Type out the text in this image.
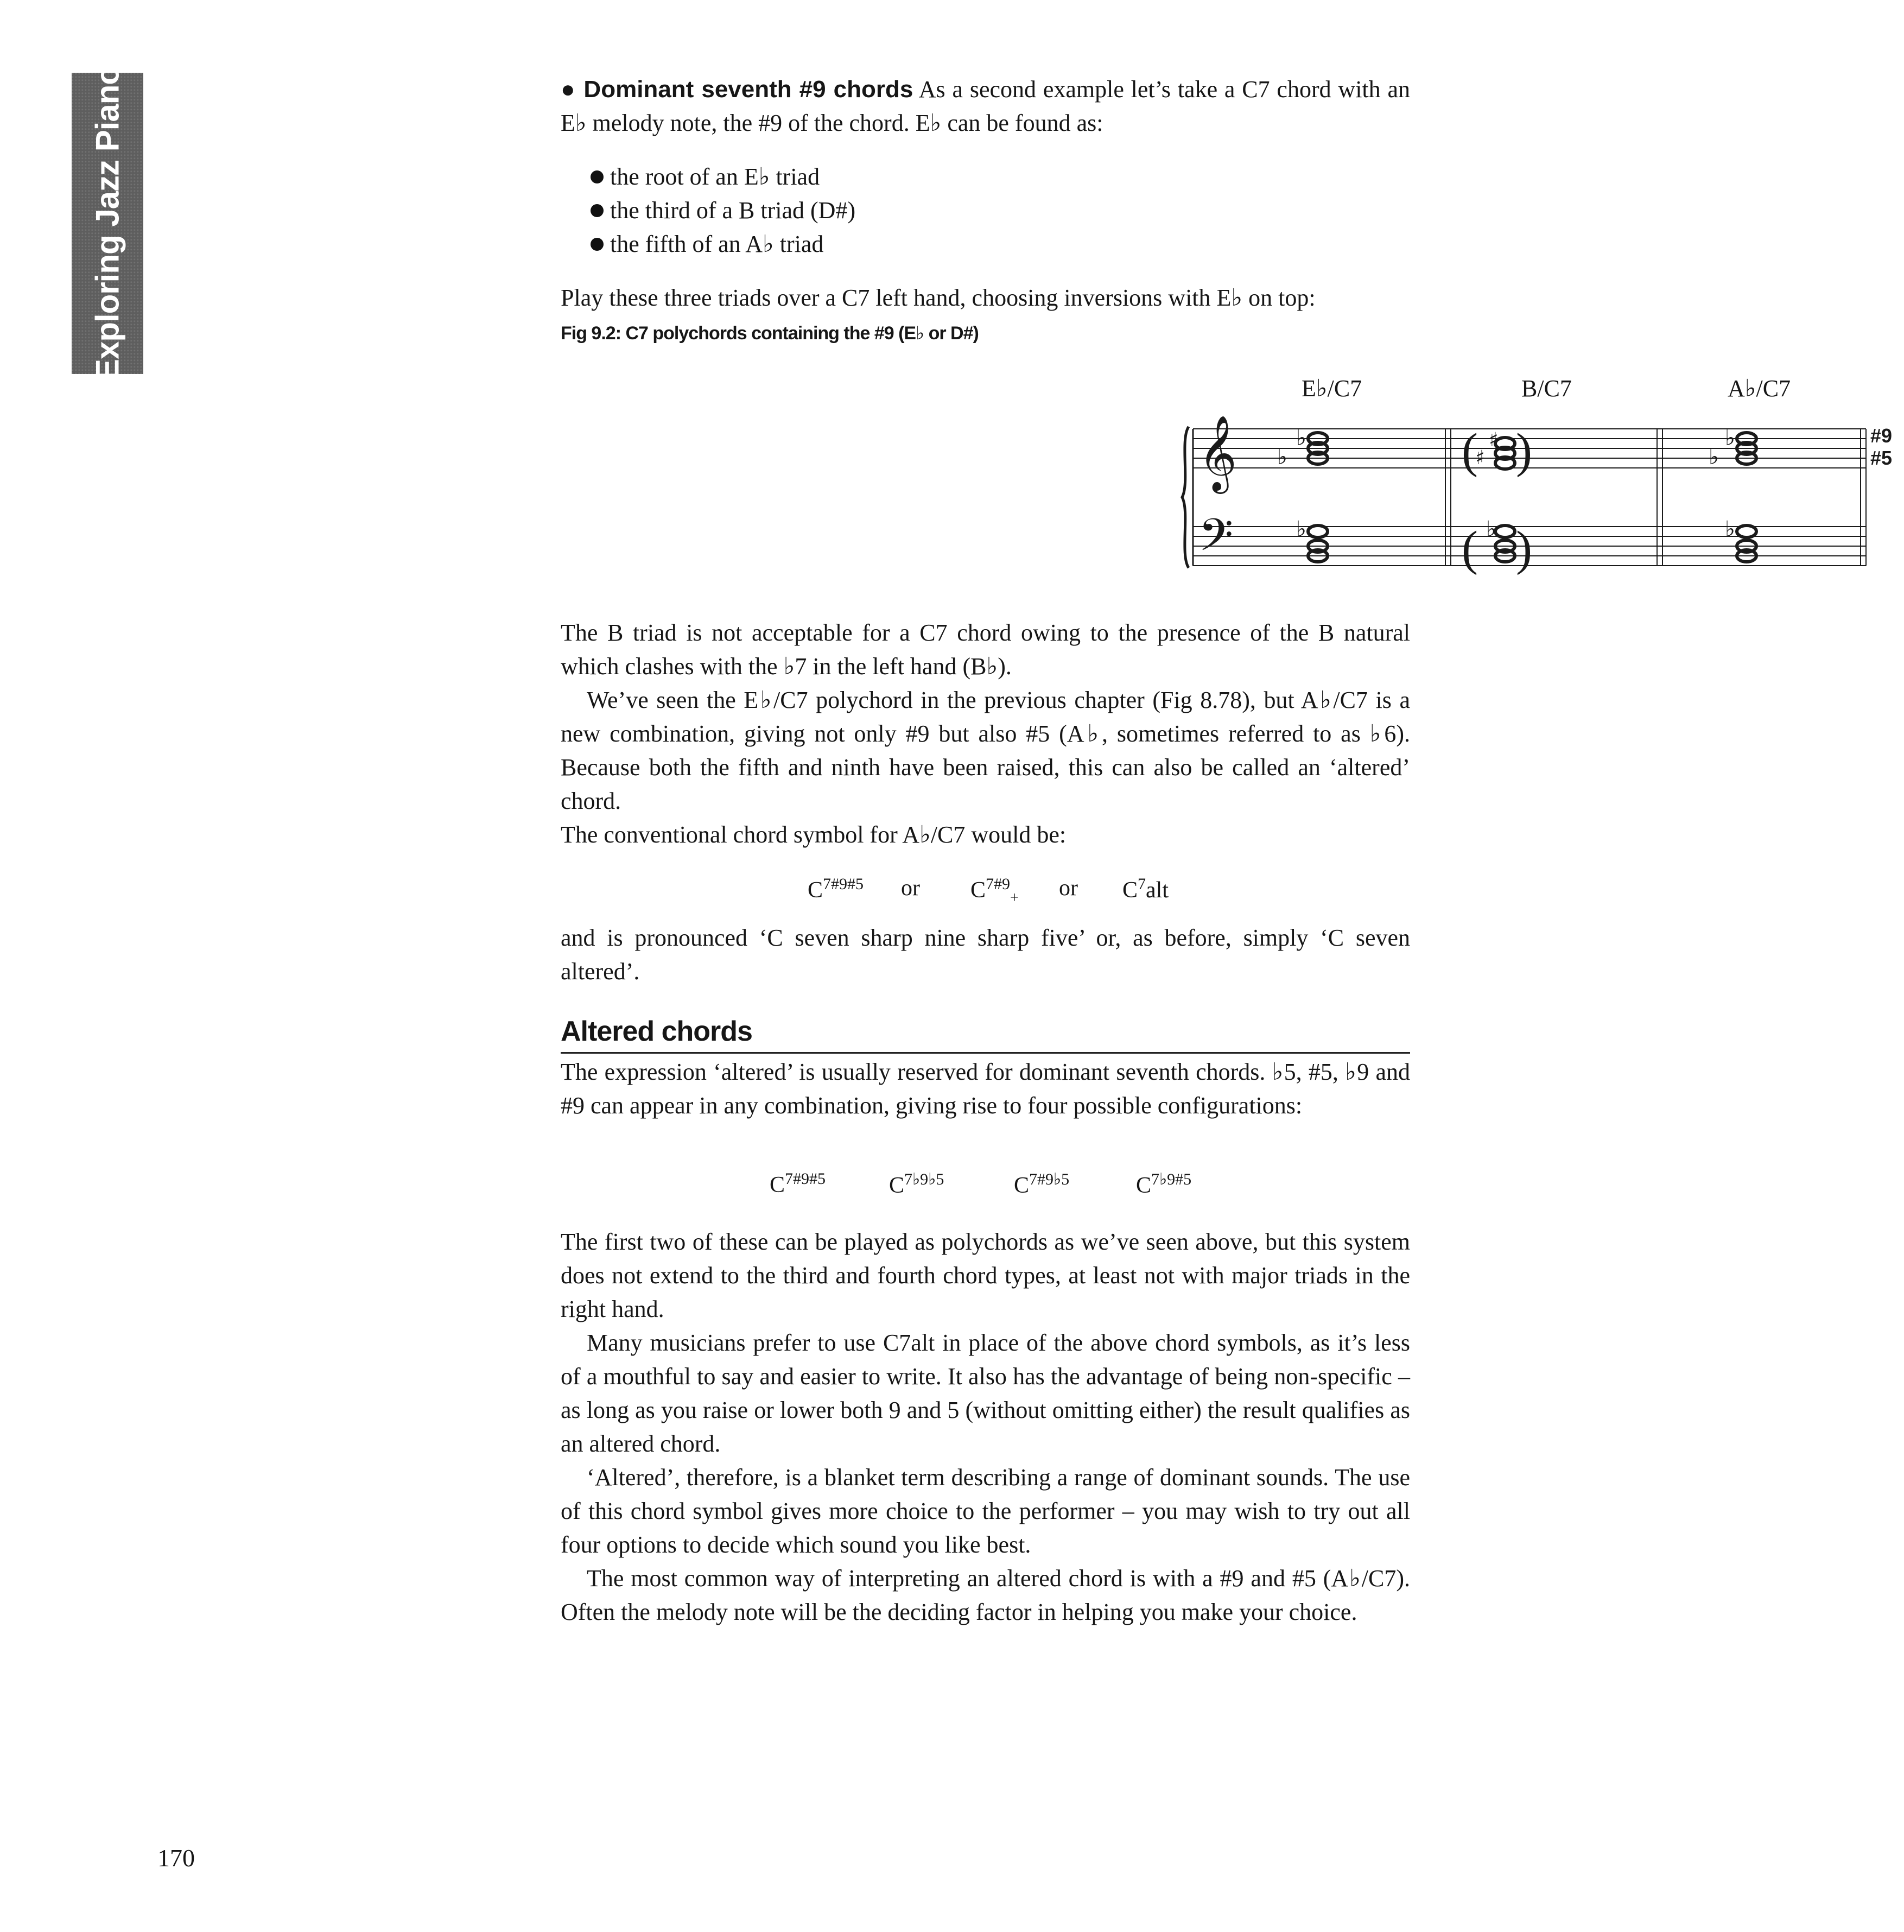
Exploring Jazz Piano	● Dominant seventh #9 chords As a second example let’s take a C7 chord with an E♭ melody note, the #9 of the chord. E♭ can be found as:

the root of an E♭ triad
the third of a B triad (D#)
the fifth of an A♭ triad

Play these three triads over a C7 left hand, choosing inversions with E♭ on top:

Fig 9.2: C7 polychords containing the #9 (E♭ or D#)
E♭/C7	B/C7	A♭/C7
𝄞
𝄢
♭
♭
♭
( )
♯
♯
( )
♭
♭
♭
♭
#9
#5

The B triad is not acceptable for a C7 chord owing to the presence of the B natural which clashes with the ♭7 in the left hand (B♭).

We’ve seen the E♭/C7 polychord in the previous chapter (Fig 8.78), but A♭/C7 is a new combination, giving not only #9 but also #5 (A♭, sometimes referred to as ♭6). Because both the fifth and ninth have been raised, this can also be called an ‘altered’ chord.

The conventional chord symbol for A♭/C7 would be:

$C^{7\#9\#5}$ or $C^{7\#9}_+$ or $C^7alt$

and is pronounced ‘C seven sharp nine sharp five’ or, as before, simply ‘C seven altered’.

Altered chords

The expression ‘altered’ is usually reserved for dominant seventh chords. ♭5, #5, ♭9 and #9 can appear in any combination, giving rise to four possible configurations:

$C^{7\#9\#5}$	$C^{7♭9♭5}$	$C^{7\#9♭5}$	$C^{7♭9\#5}$

The first two of these can be played as polychords as we’ve seen above, but this system does not extend to the third and fourth chord types, at least not with major triads in the right hand.

Many musicians prefer to use C7alt in place of the above chord symbols, as it’s less of a mouthful to say and easier to write. It also has the advantage of being non-specific – as long as you raise or lower both 9 and 5 (without omitting either) the result qualifies as an altered chord.

‘Altered’, therefore, is a blanket term describing a range of dominant sounds. The use of this chord symbol gives more choice to the performer – you may wish to try out all four options to decide which sound you like best.

The most common way of interpreting an altered chord is with a #9 and #5 (A♭/C7). Often the melody note will be the deciding factor in helping you make your choice.

170
